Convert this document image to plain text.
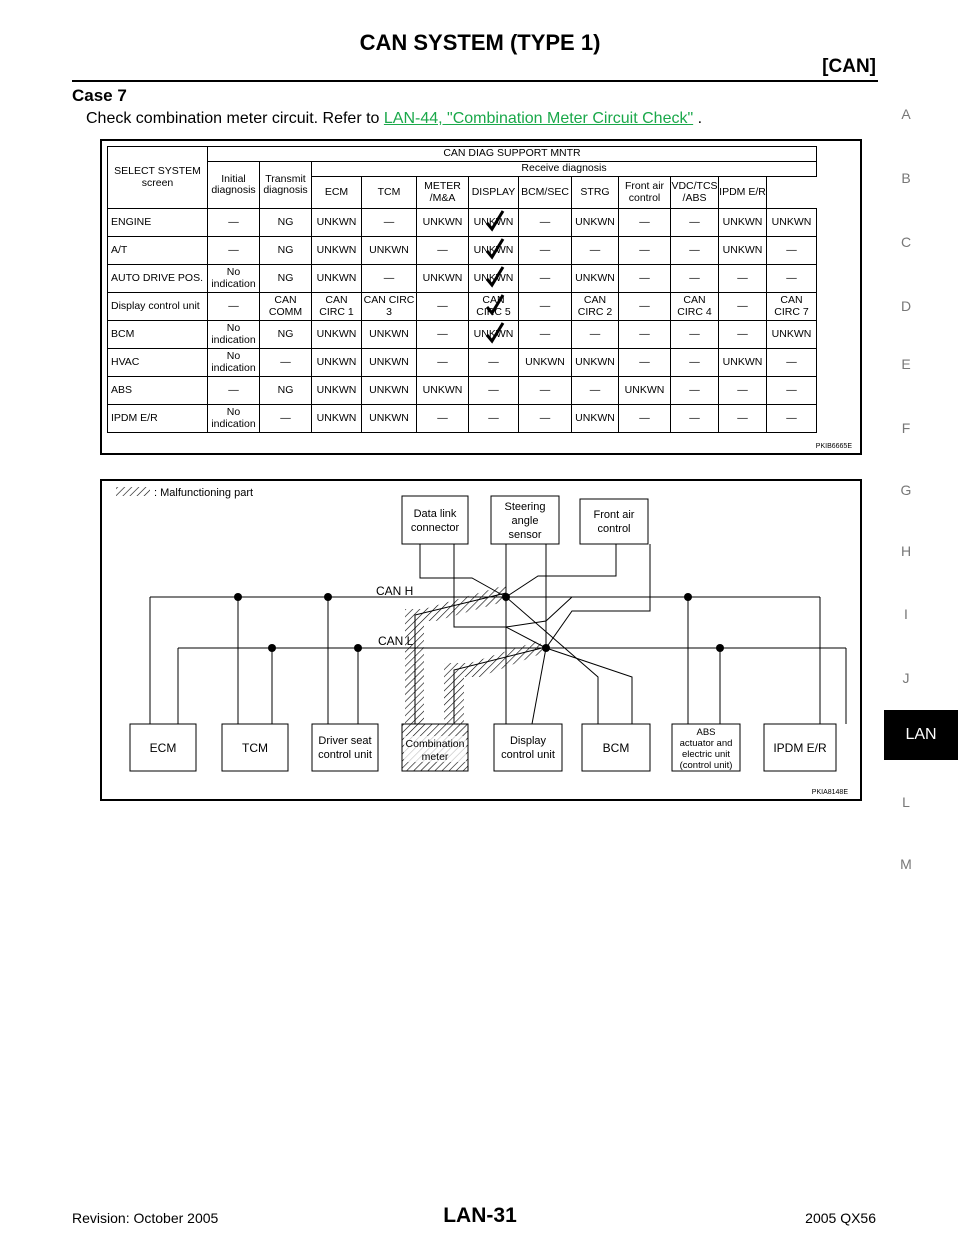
CAN SYSTEM (TYPE 1)
[CAN]
Case 7
Check combination meter circuit. Refer to LAN-44, "Combination Meter Circuit Check" .	A
B
C
D
E
F
G
H
I
J
LAN
L
M
SELECT SYSTEM screen	CAN DIAG SUPPORT MNTR											
	Initial diagnosis	Transmit diagnosis	Receive diagnosis									
			ECM	TCM	METER /M&A	DISPLAY	BCM/SEC	STRG	Front air control	VDC/TCS /ABS	IPDM E/R	
ENGINE	—	NG	UNKWN	—	UNKWN	UNKWN	—	UNKWN	—	—	UNKWN	UNKWN
A/T	—	NG	UNKWN	UNKWN	—	UNKWN	—	—	—	—	UNKWN	—
AUTO DRIVE POS.	No indication	NG	UNKWN	—	UNKWN	UNKWN	—	UNKWN	—	—	—	—
Display control unit	—	CAN COMM	CAN CIRC 1	CAN CIRC 3	—	CAN CIRC 5	—	CAN CIRC 2	—	CAN CIRC 4	—	CAN CIRC 7
BCM	No indication	NG	UNKWN	UNKWN	—	UNKWN	—	—	—	—	—	UNKWN
HVAC	No indication	—	UNKWN	UNKWN	—	—	UNKWN	UNKWN	—	—	UNKWN	—
ABS	—	NG	UNKWN	UNKWN	UNKWN	—	—	—	UNKWN	—	—	—
IPDM E/R	No indication	—	UNKWN	UNKWN	—	—	—	UNKWN	—	—	—	—
PKIB6665E
: Malfunctioning part
CAN H
CAN L
Data link connector
Steering angle sensor
Front air control
ECM	TCM	Driver seat control unit
Combination meter
Display control unit	BCM
ABS actuator and electric unit (control unit)
IPDM E/R
PKIA8148E
Revision: October 2005	LAN-31	2005 QX56
